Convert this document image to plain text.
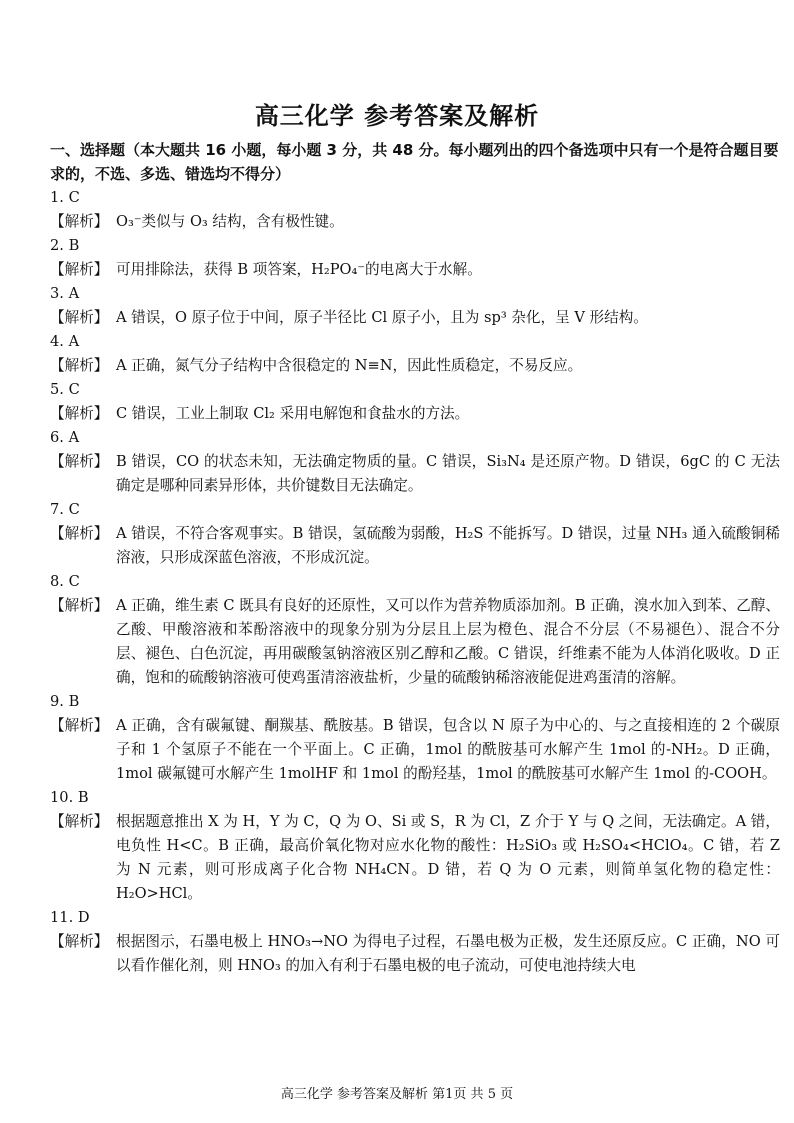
高三化学 参考答案及解析
一、选择题（本大题共 16 小题，每小题 3 分，共 48 分。每小题列出的四个备选项中只有一个是符合题目要求的，不选、多选、错选均不得分）
1. C
【解析】 O₃⁻类似与 O₃ 结构，含有极性键。
2. B
【解析】 可用排除法，获得 B 项答案，H₂PO₄⁻的电离大于水解。
3. A
【解析】 A 错误，O 原子位于中间，原子半径比 Cl 原子小，且为 sp³ 杂化，呈 V 形结构。
4. A
【解析】 A 正确，氮气分子结构中含很稳定的 N≡N，因此性质稳定，不易反应。
5. C
【解析】 C 错误，工业上制取 Cl₂ 采用电解饱和食盐水的方法。
6. A
【解析】 B 错误，CO 的状态未知，无法确定物质的量。C 错误，Si₃N₄ 是还原产物。D 错误，6gC 的 C 无法确定是哪种同素异形体，共价键数目无法确定。
7. C
【解析】 A 错误，不符合客观事实。B 错误，氢硫酸为弱酸，H₂S 不能拆写。D 错误，过量 NH₃ 通入硫酸铜稀溶液，只形成深蓝色溶液，不形成沉淀。
8. C
【解析】 A 正确，维生素 C 既具有良好的还原性，又可以作为营养物质添加剂。B 正确，溴水加入到苯、乙醇、乙酸、甲酸溶液和苯酚溶液中的现象分别为分层且上层为橙色、混合不分层（不易褪色）、混合不分层、褪色、白色沉淀，再用碳酸氢钠溶液区别乙醇和乙酸。C 错误，纤维素不能为人体消化吸收。D 正确，饱和的硫酸钠溶液可使鸡蛋清溶液盐析，少量的硫酸钠稀溶液能促进鸡蛋清的溶解。
9. B
【解析】 A 正确，含有碳氟键、酮羰基、酰胺基。B 错误，包含以 N 原子为中心的、与之直接相连的 2 个碳原子和 1 个氢原子不能在一个平面上。C 正确，1mol 的酰胺基可水解产生 1mol 的-NH₂。D 正确，1mol 碳氟键可水解产生 1molHF 和 1mol 的酚羟基，1mol 的酰胺基可水解产生 1mol 的-COOH。
10. B
【解析】 根据题意推出 X 为 H，Y 为 C，Q 为 O、Si 或 S，R 为 Cl，Z 介于 Y 与 Q 之间，无法确定。A 错，电负性 H<C。B 正确，最高价氧化物对应水化物的酸性：H₂SiO₃ 或 H₂SO₄<HClO₄。C 错，若 Z 为 N 元素，则可形成离子化合物 NH₄CN。D 错，若 Q 为 O 元素，则简单氢化物的稳定性：H₂O>HCl。
11. D
【解析】 根据图示，石墨电极上 HNO₃→NO 为得电子过程，石墨电极为正极，发生还原反应。C 正确，NO 可以看作催化剂，则 HNO₃ 的加入有利于石墨电极的电子流动，可使电池持续大电
高三化学 参考答案及解析 第1页 共 5 页
